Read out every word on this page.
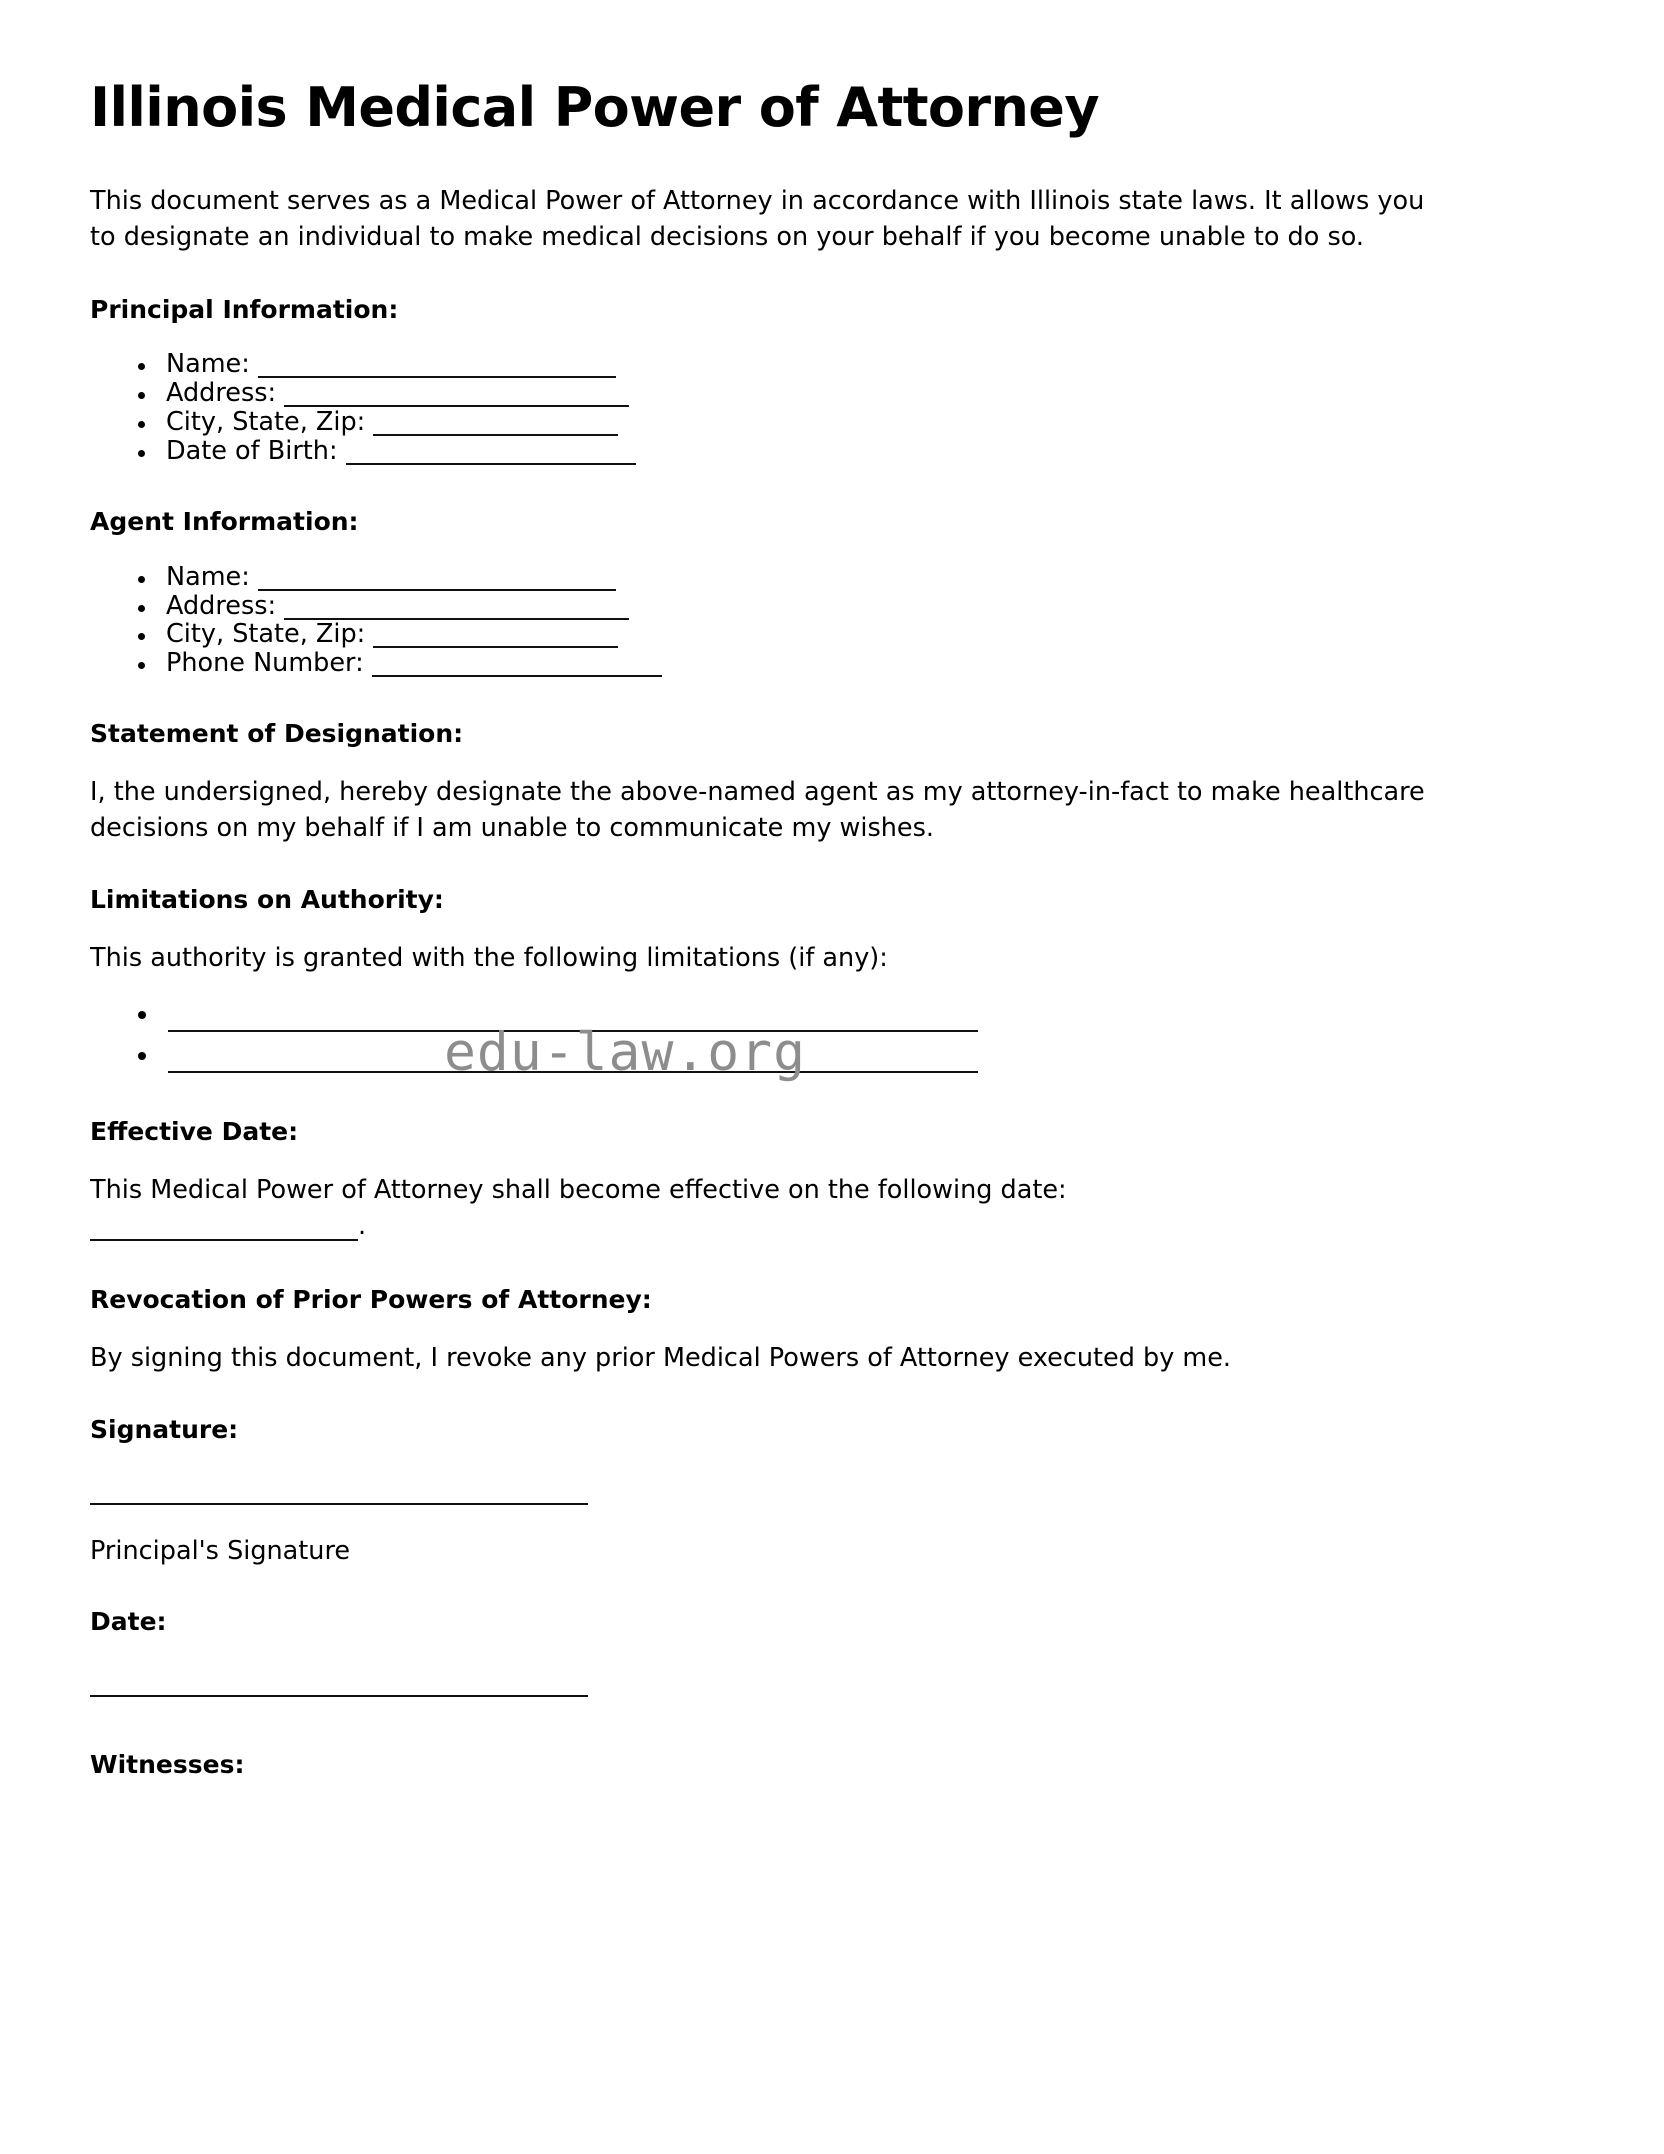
Illinois Medical Power of Attorney

This document serves as a Medical Power of Attorney in accordance with Illinois state laws. It allows you to designate an individual to make medical decisions on your behalf if you become unable to do so.

Principal Information:
Name:
Address:
City, State, Zip:
Date of Birth:
Agent Information:
Name:
Address:
City, State, Zip:
Phone Number:
Statement of Designation:

I, the undersigned, hereby designate the above-named agent as my attorney-in-fact to make healthcare decisions on my behalf if I am unable to communicate my wishes.

Limitations on Authority:

This authority is granted with the following limitations (if any):

Effective Date:

This Medical Power of Attorney shall become effective on the following date:
.

Revocation of Prior Powers of Attorney:

By signing this document, I revoke any prior Medical Powers of Attorney executed by me.

Signature:

Principal's Signature

Date:
Witnesses:
edu-law.org
